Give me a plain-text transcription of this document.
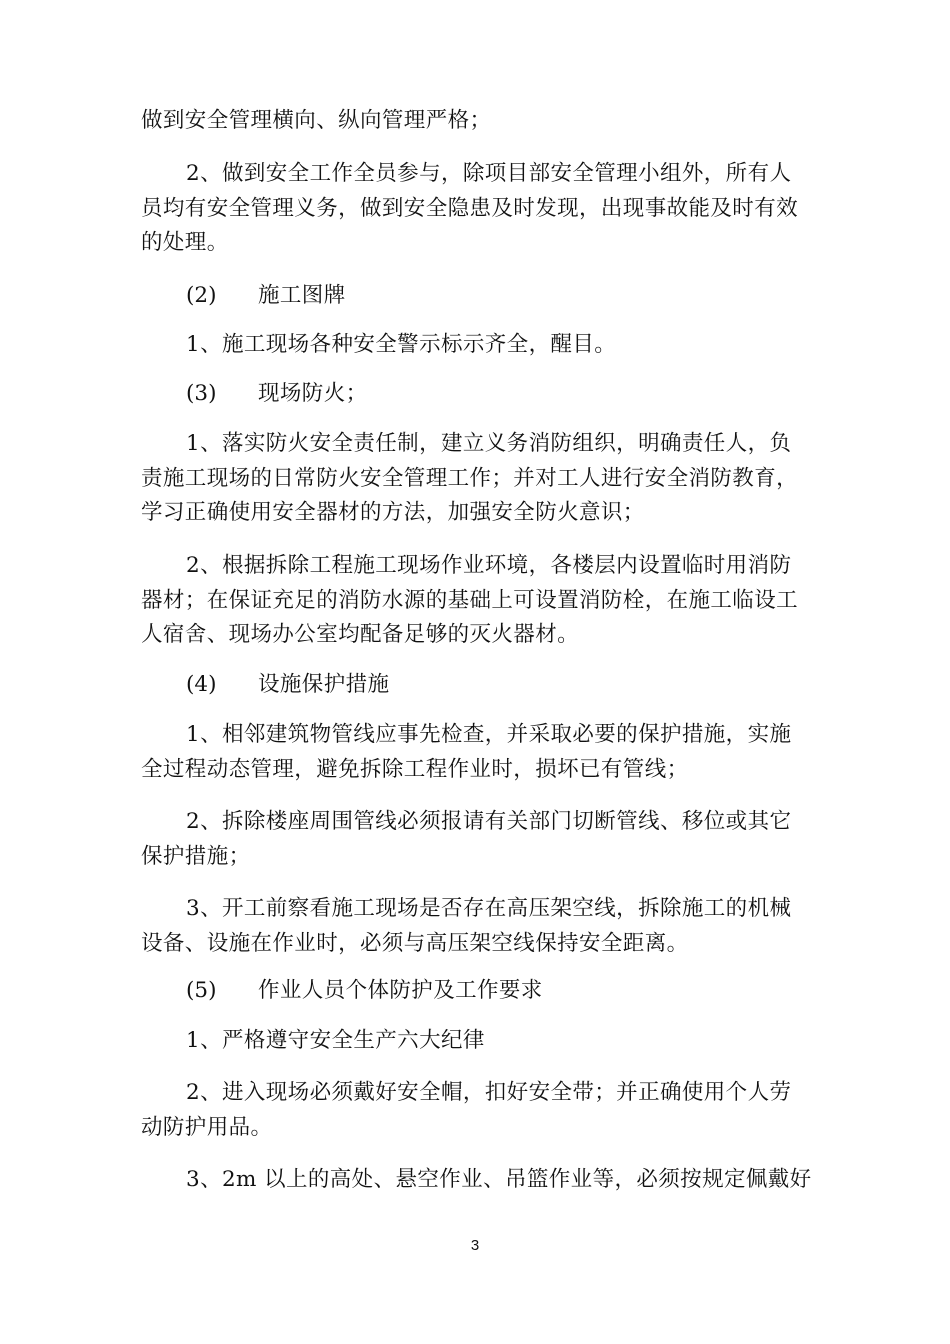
做到安全管理横向、纵向管理严格；
2、做到安全工作全员参与，除项目部安全管理小组外，所有人
员均有安全管理义务，做到安全隐患及时发现，出现事故能及时有效
的处理。
(2) 施工图牌
1、施工现场各种安全警示标示齐全，醒目。
(3) 现场防火；
1、落实防火安全责任制，建立义务消防组织，明确责任人，负
责施工现场的日常防火安全管理工作；并对工人进行安全消防教育，
学习正确使用安全器材的方法，加强安全防火意识；
2、根据拆除工程施工现场作业环境，各楼层内设置临时用消防
器材；在保证充足的消防水源的基础上可设置消防栓，在施工临设工
人宿舍、现场办公室均配备足够的灭火器材。
(4) 设施保护措施
1、相邻建筑物管线应事先检查，并采取必要的保护措施，实施
全过程动态管理，避免拆除工程作业时，损坏已有管线；
2、拆除楼座周围管线必须报请有关部门切断管线、移位或其它
保护措施；
3、开工前察看施工现场是否存在高压架空线，拆除施工的机械
设备、设施在作业时，必须与高压架空线保持安全距离。
(5) 作业人员个体防护及工作要求
1、严格遵守安全生产六大纪律
2、进入现场必须戴好安全帽，扣好安全带；并正确使用个人劳
动防护用品。
3、2m 以上的高处、悬空作业、吊篮作业等，必须按规定佩戴好
3
